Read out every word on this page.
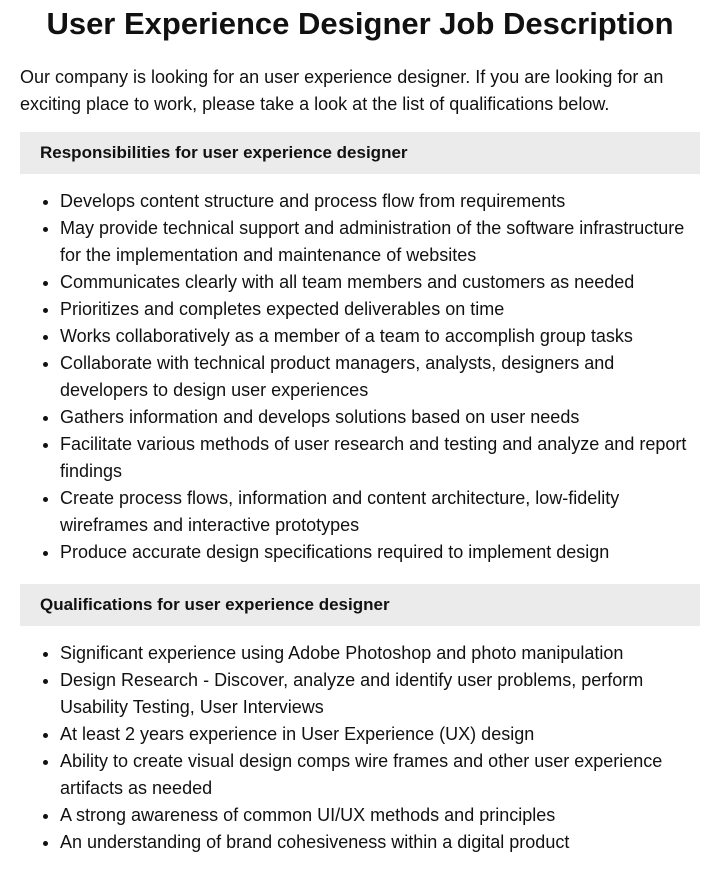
User Experience Designer Job Description

Our company is looking for an user experience designer. If you are looking for an exciting place to work, please take a look at the list of qualifications below.

Responsibilities for user experience designer
• Develops content structure and process flow from requirements
• May provide technical support and administration of the software infrastructure for the implementation and maintenance of websites
• Communicates clearly with all team members and customers as needed
• Prioritizes and completes expected deliverables on time
• Works collaboratively as a member of a team to accomplish group tasks
• Collaborate with technical product managers, analysts, designers and developers to design user experiences
• Gathers information and develops solutions based on user needs
• Facilitate various methods of user research and testing and analyze and report findings
• Create process flows, information and content architecture, low-fidelity wireframes and interactive prototypes
• Produce accurate design specifications required to implement design
Qualifications for user experience designer
• Significant experience using Adobe Photoshop and photo manipulation
• Design Research - Discover, analyze and identify user problems, perform Usability Testing, User Interviews
• At least 2 years experience in User Experience (UX) design
• Ability to create visual design comps wire frames and other user experience artifacts as needed
• A strong awareness of common UI/UX methods and principles
• An understanding of brand cohesiveness within a digital product
